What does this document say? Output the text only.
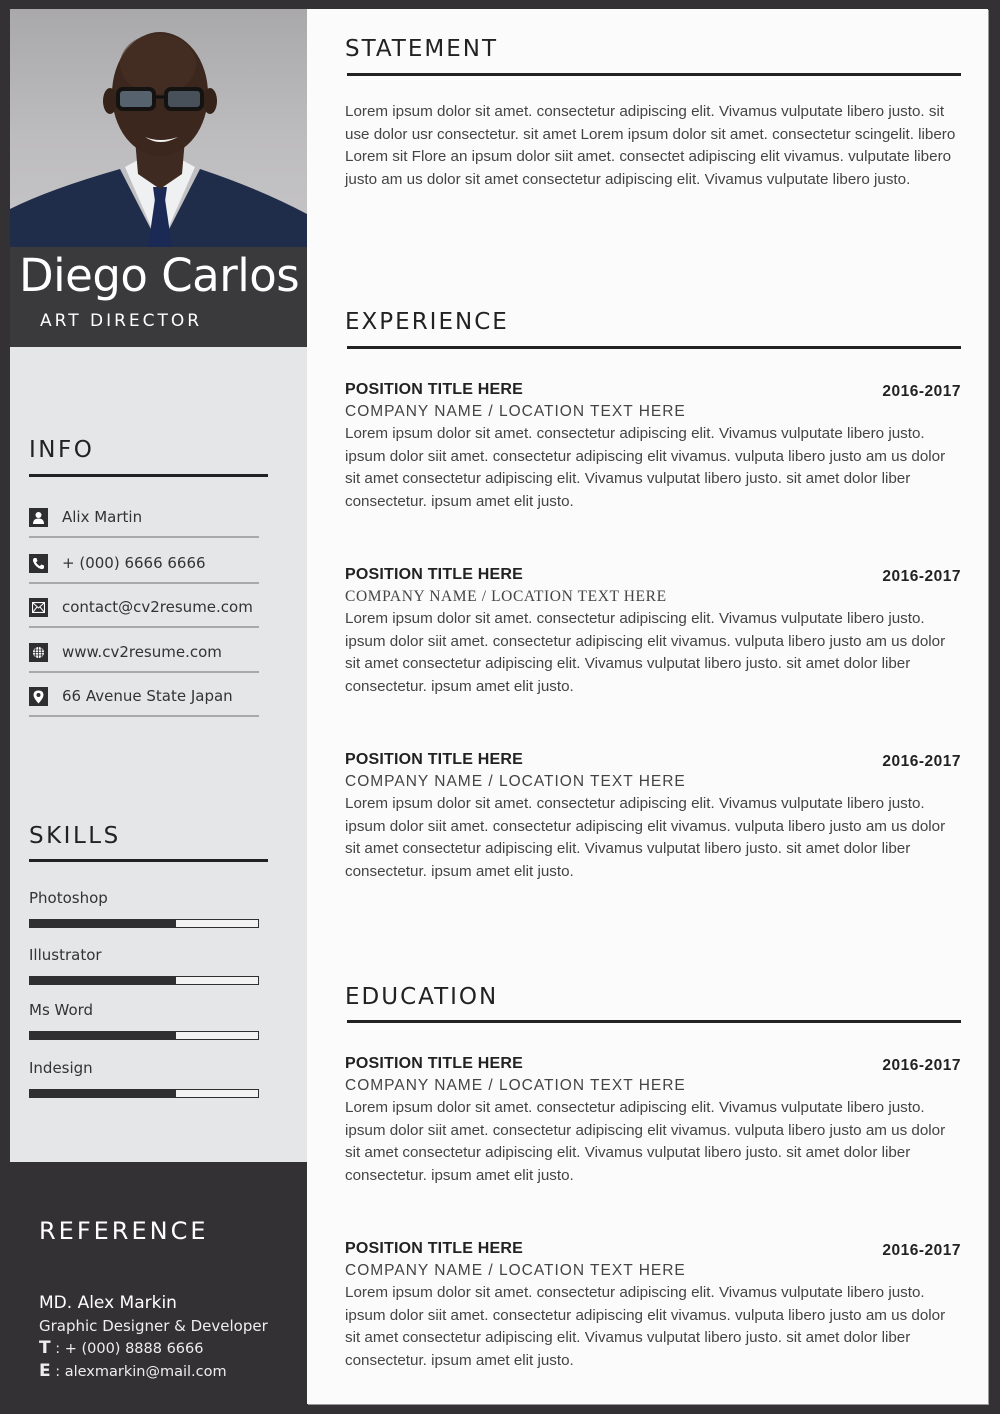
Diego Carlos
ART DIRECTOR
INFO
Alix Martin
+ (000) 6666 6666
contact@cv2resume.com
www.cv2resume.com
66 Avenue State Japan
SKILLS
Photoshop
Illustrator
Ms Word
Indesign
REFERENCE
MD. Alex Markin
Graphic Designer & Developer
T : + (000) 8888 6666
E : alexmarkin@mail.com
STATEMENT
Lorem ipsum dolor sit amet. consectetur adipiscing elit. Vivamus vulputate libero justo. sit use dolor usr consectetur. sit amet Lorem ipsum dolor sit amet. consectetur scingelit. libero Lorem sit Flore an ipsum dolor siit amet. consectet adipiscing elit vivamus. vulputate libero justo am us dolor sit amet consectetur adipiscing elit. Vivamus vulputate libero justo.
EXPERIENCE
POSITION TITLE HERE	2016-2017
COMPANY NAME / LOCATION TEXT HERE
Lorem ipsum dolor sit amet. consectetur adipiscing elit. Vivamus vulputate libero justo. ipsum dolor siit amet. consectetur adipiscing elit vivamus. vulputa libero justo am us dolor sit amet consectetur adipiscing elit. Vivamus vulputat libero justo. sit amet dolor liber consectetur. ipsum amet elit justo.
POSITION TITLE HERE	2016-2017
COMPANY NAME / LOCATION TEXT HERE
Lorem ipsum dolor sit amet. consectetur adipiscing elit. Vivamus vulputate libero justo. ipsum dolor siit amet. consectetur adipiscing elit vivamus. vulputa libero justo am us dolor sit amet consectetur adipiscing elit. Vivamus vulputat libero justo. sit amet dolor liber consectetur. ipsum amet elit justo.
POSITION TITLE HERE	2016-2017
COMPANY NAME / LOCATION TEXT HERE
Lorem ipsum dolor sit amet. consectetur adipiscing elit. Vivamus vulputate libero justo. ipsum dolor siit amet. consectetur adipiscing elit vivamus. vulputa libero justo am us dolor sit amet consectetur adipiscing elit. Vivamus vulputat libero justo. sit amet dolor liber consectetur. ipsum amet elit justo.
EDUCATION
POSITION TITLE HERE	2016-2017
COMPANY NAME / LOCATION TEXT HERE
Lorem ipsum dolor sit amet. consectetur adipiscing elit. Vivamus vulputate libero justo. ipsum dolor siit amet. consectetur adipiscing elit vivamus. vulputa libero justo am us dolor sit amet consectetur adipiscing elit. Vivamus vulputat libero justo. sit amet dolor liber consectetur. ipsum amet elit justo.
POSITION TITLE HERE	2016-2017
COMPANY NAME / LOCATION TEXT HERE
Lorem ipsum dolor sit amet. consectetur adipiscing elit. Vivamus vulputate libero justo. ipsum dolor siit amet. consectetur adipiscing elit vivamus. vulputa libero justo am us dolor sit amet consectetur adipiscing elit. Vivamus vulputat libero justo. sit amet dolor liber consectetur. ipsum amet elit justo.
